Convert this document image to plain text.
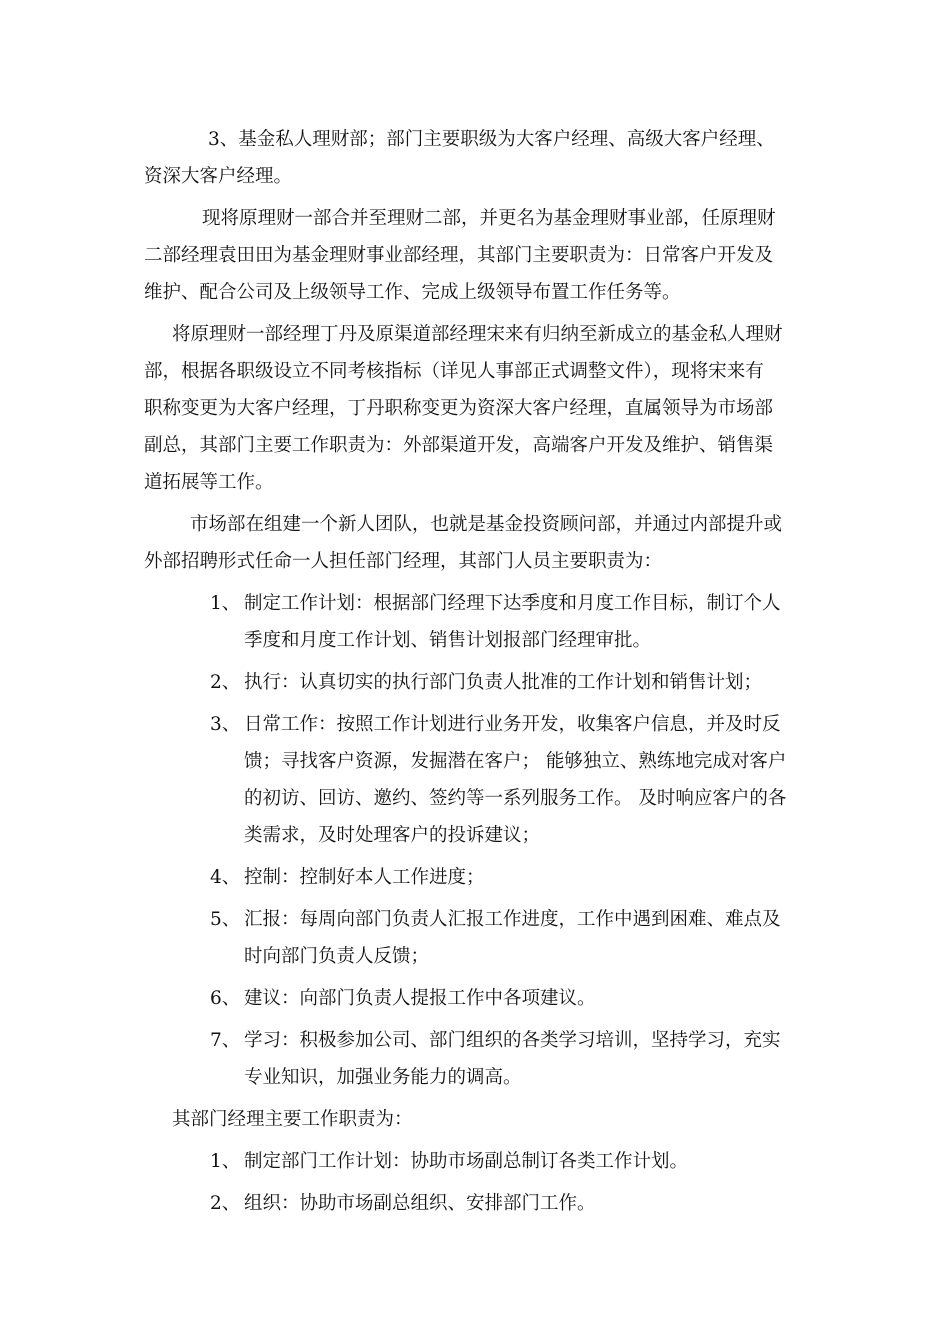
3、基金私人理财部；部门主要职级为大客户经理、高级大客户经理、
资深大客户经理。
现将原理财一部合并至理财二部，并更名为基金理财事业部，任原理财
二部经理袁田田为基金理财事业部经理，其部门主要职责为：日常客户开发及
维护、配合公司及上级领导工作、完成上级领导布置工作任务等。
将原理财一部经理丁丹及原渠道部经理宋来有归纳至新成立的基金私人理财
部，根据各职级设立不同考核指标（详见人事部正式调整文件），现将宋来有
职称变更为大客户经理，丁丹职称变更为资深大客户经理，直属领导为市场部
副总，其部门主要工作职责为：外部渠道开发，高端客户开发及维护、销售渠
道拓展等工作。
市场部在组建一个新人团队，也就是基金投资顾问部，并通过内部提升或
外部招聘形式任命一人担任部门经理，其部门人员主要职责为：
1、 制定工作计划：根据部门经理下达季度和月度工作目标，制订个人
季度和月度工作计划、销售计划报部门经理审批。
2、 执行：认真切实的执行部门负责人批准的工作计划和销售计划；
3、 日常工作：按照工作计划进行业务开发，收集客户信息，并及时反
馈；寻找客户资源，发掘潜在客户； 能够独立、熟练地完成对客户
的初访、回访、邀约、签约等一系列服务工作。 及时响应客户的各
类需求，及时处理客户的投诉建议；
4、 控制：控制好本人工作进度；
5、 汇报：每周向部门负责人汇报工作进度，工作中遇到困难、难点及
时向部门负责人反馈；
6、 建议：向部门负责人提报工作中各项建议。
7、 学习：积极参加公司、部门组织的各类学习培训，坚持学习，充实
专业知识，加强业务能力的调高。
其部门经理主要工作职责为：
1、 制定部门工作计划：协助市场副总制订各类工作计划。
2、 组织：协助市场副总组织、安排部门工作。
